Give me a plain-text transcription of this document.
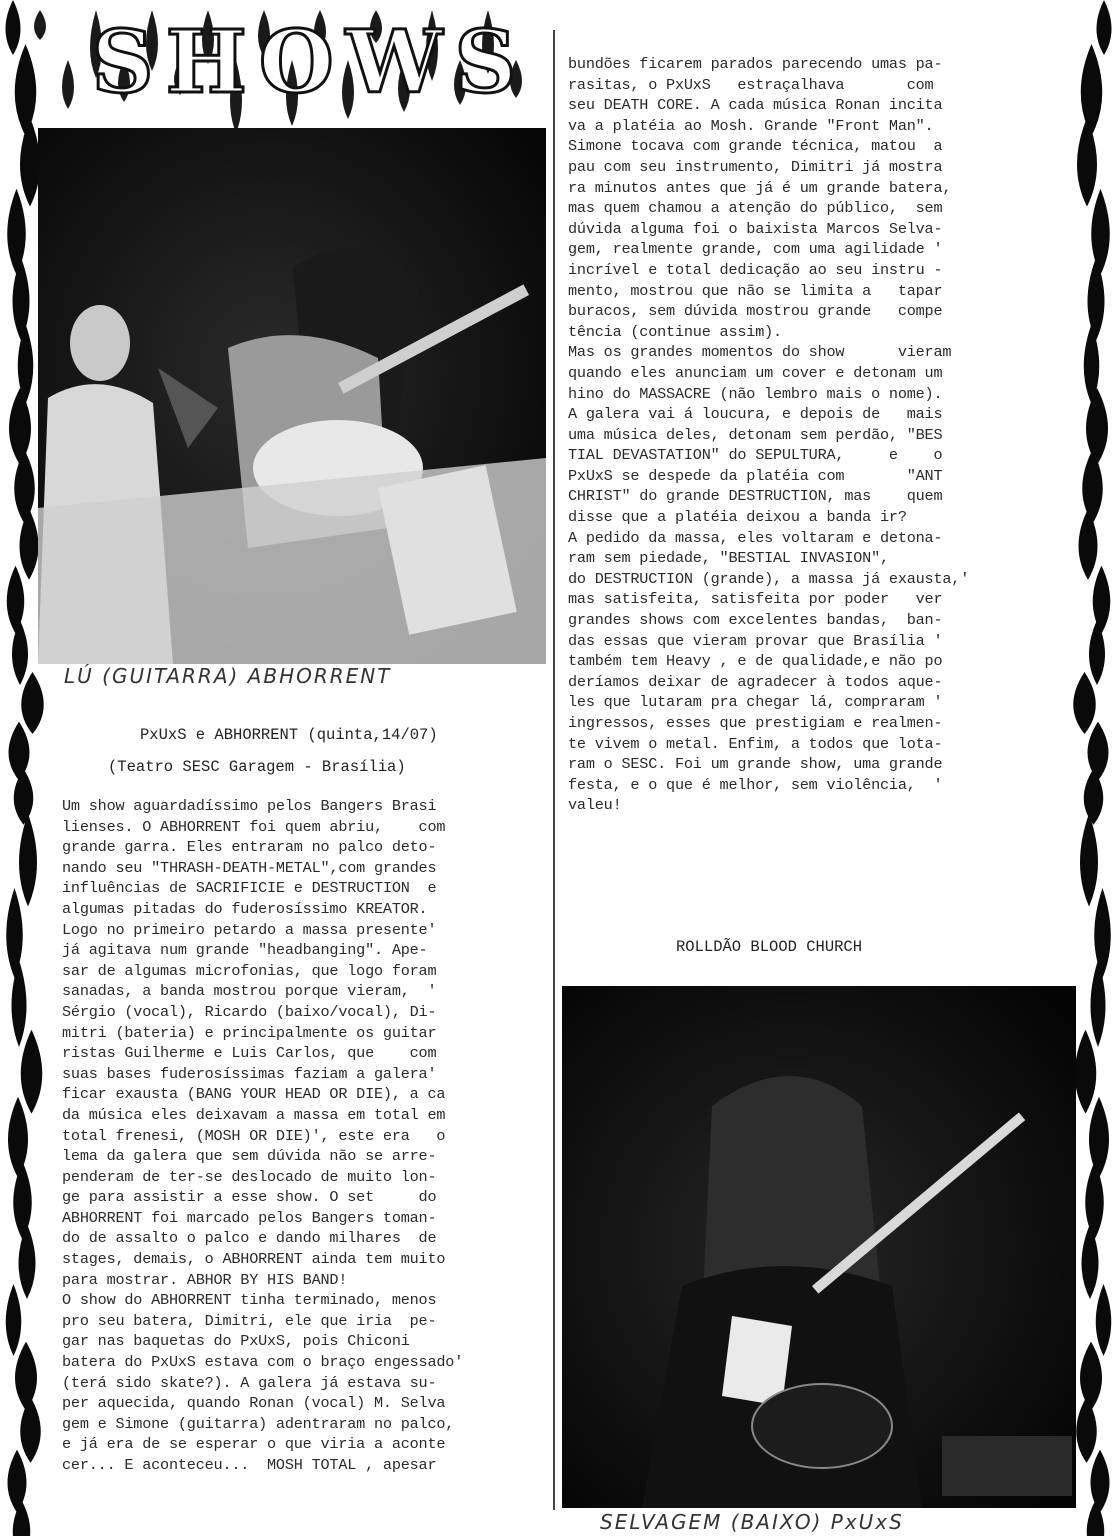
SHOWS
LÚ (GUITARRA) ABHORRENT
PxUxS e ABHORRENT (quinta,14/07)
(Teatro SESC Garagem - Brasília)
Um show aguardadíssimo pelos Bangers Brasi
lienses. O ABHORRENT foi quem abriu,    com
grande garra. Eles entraram no palco deto-
nando seu "THRASH-DEATH-METAL",com grandes
influências de SACRIFICIE e DESTRUCTION  e
algumas pitadas do fuderosíssimo KREATOR.
Logo no primeiro petardo a massa presente'
já agitava num grande "headbanging". Ape-
sar de algumas microfonias, que logo foram
sanadas, a banda mostrou porque vieram,  '
Sérgio (vocal), Ricardo (baixo/vocal), Di-
mitri (bateria) e principalmente os guitar
ristas Guilherme e Luis Carlos, que    com
suas bases fuderosíssimas faziam a galera'
ficar exausta (BANG YOUR HEAD OR DIE), a ca
da música eles deixavam a massa em total em
total frenesi, (MOSH OR DIE)', este era   o
lema da galera que sem dúvida não se arre-
penderam de ter-se deslocado de muito lon-
ge para assistir a esse show. O set     do
ABHORRENT foi marcado pelos Bangers toman-
do de assalto o palco e dando milhares  de
stages, demais, o ABHORRENT ainda tem muito
para mostrar. ABHOR BY HIS BAND!
O show do ABHORRENT tinha terminado, menos
pro seu batera, Dimitri, ele que iria  pe-
gar nas baquetas do PxUxS, pois Chiconi
batera do PxUxS estava com o braço engessado'
(terá sido skate?). A galera já estava su-
per aquecida, quando Ronan (vocal) M. Selva
gem e Simone (guitarra) adentraram no palco,
e já era de se esperar o que viria a aconte
cer... E aconteceu...  MOSH TOTAL , apesar
bundões ficarem parados parecendo umas pa-
rasitas, o PxUxS   estraçalhava       com
seu DEATH CORE. A cada música Ronan incita
va a platéia ao Mosh. Grande "Front Man".
Simone tocava com grande técnica, matou  a
pau com seu instrumento, Dimitri já mostra
ra minutos antes que já é um grande batera,
mas quem chamou a atenção do público,  sem
dúvida alguma foi o baixista Marcos Selva-
gem, realmente grande, com uma agilidade '
incrível e total dedicação ao seu instru -
mento, mostrou que não se limita a   tapar
buracos, sem dúvida mostrou grande   compe
tência (continue assim).
Mas os grandes momentos do show      vieram
quando eles anunciam um cover e detonam um
hino do MASSACRE (não lembro mais o nome).
A galera vai á loucura, e depois de   mais
uma música deles, detonam sem perdão, "BES
TIAL DEVASTATION" do SEPULTURA,     e    o
PxUxS se despede da platéia com       "ANT
CHRIST" do grande DESTRUCTION, mas    quem
disse que a platéia deixou a banda ir?
A pedido da massa, eles voltaram e detona-
ram sem piedade, "BESTIAL INVASION",
do DESTRUCTION (grande), a massa já exausta,'
mas satisfeita, satisfeita por poder   ver
grandes shows com excelentes bandas,  ban-
das essas que vieram provar que Brasília '
também tem Heavy , e de qualidade,e não po
deríamos deixar de agradecer à todos aque-
les que lutaram pra chegar lá, compraram '
ingressos, esses que prestigiam e realmen-
te vivem o metal. Enfim, a todos que lota-
ram o SESC. Foi um grande show, uma grande
festa, e o que é melhor, sem violência,  '
valeu!
ROLLDÃO BLOOD CHURCH
SELVAGEM (BAIXO) PxUxS
